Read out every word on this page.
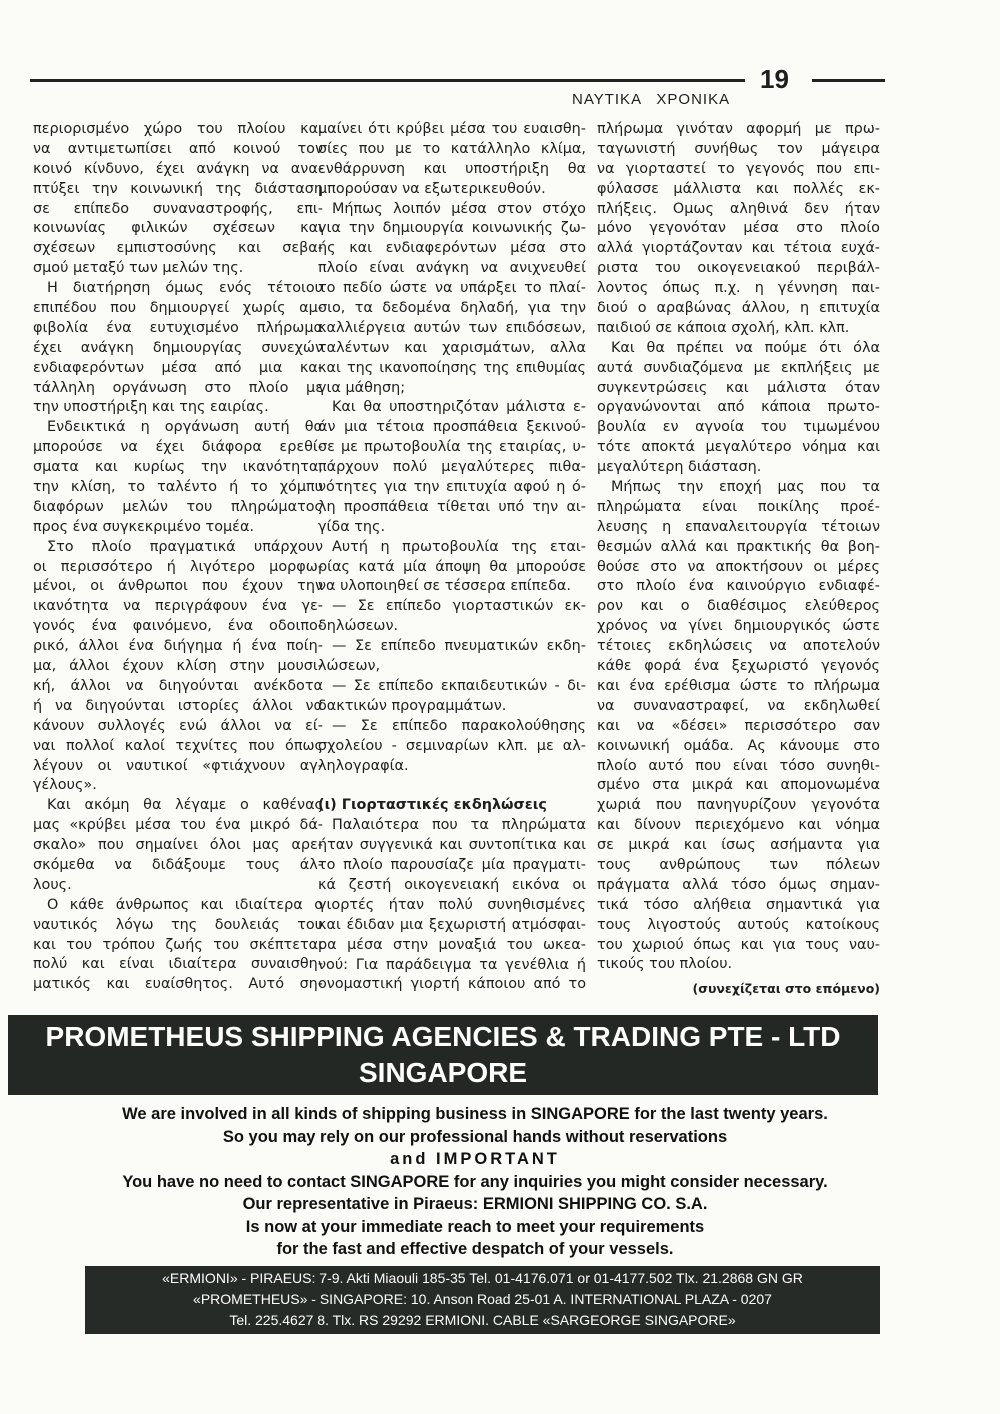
19
ΝΑΥΤΙΚΑ ΧΡΟΝΙΚΑ
περιορισμένο χώρο του πλοίου και
να αντιμετωπίσει από κοινού τον
κοινό κίνδυνο, έχει ανάγκη να ανα-
πτύξει την κοινωνική της διάσταση
σε επίπεδο συναναστροφής, επι-
κοινωνίας φιλικών σχέσεων και
σχέσεων εμπιστοσύνης και σεβα-
σμού μεταξύ των μελών της.
Η διατήρηση όμως ενός τέτοιου
επιπέδου που δημιουργεί χωρίς αμ-
φιβολία ένα ευτυχισμένο πλήρωμα
έχει ανάγκη δημιουργίας συνεχών
ενδιαφερόντων μέσα από μια κα-
τάλληλη οργάνωση στο πλοίο με
την υποστήριξη και της εαιρίας.
Ενδεικτικά η οργάνωση αυτή θα
μπορούσε να έχει διάφορα ερεθί-
σματα και κυρίως την ικανότητα,
την κλίση, το ταλέντο ή το χόμπυ
διαφόρων μελών του πληρώματος
προς ένα συγκεκριμένο τομέα.
Στο πλοίο πραγματικά υπάρχουν
οι περισσότερο ή λιγότερο μορφω-
μένοι, οι άνθρωποι που έχουν την
ικανότητα να περιγράφουν ένα γε-
γονός ένα φαινόμενο, ένα οδοιπο-
ρικό, άλλοι ένα διήγημα ή ένα ποίη-
μα, άλλοι έχουν κλίση στην μουσι-
κή, άλλοι να διηγούνται ανέκδοτα
ή να διηγούνται ιστορίες άλλοι να
κάνουν συλλογές ενώ άλλοι να εί-
ναι πολλοί καλοί τεχνίτες που όπως
λέγουν οι ναυτικοί «φτιάχνουν αγ-
γέλους».
Και ακόμη θα λέγαμε ο καθένας
μας «κρύβει μέσα του ένα μικρό δά-
σκαλο» που σημαίνει όλοι μας αρε-
σκόμεθα να διδάξουμε τους άλ-
λους.
Ο κάθε άνθρωπος και ιδιαίτερα ο
ναυτικός λόγω της δουλειάς του
και του τρόπου ζωής του σκέπτεται
πολύ και είναι ιδιαίτερα συναισθη-
ματικός και ευαίσθητος. Αυτό ση-
μαίνει ότι κρύβει μέσα του ευαισθη-
σίες που με το κατάλληλο κλίμα,
ενθάρρυνση και υποστήριξη θα
μπορούσαν να εξωτερικευθούν.
Μήπως λοιπόν μέσα στον στόχο
για την δημιουργία κοινωνικής ζω-
ής και ενδιαφερόντων μέσα στο
πλοίο είναι ανάγκη να ανιχνευθεί
το πεδίο ώστε να υπάρξει το πλαί-
σιο, τα δεδομένα δηλαδή, για την
καλλιέργεια αυτών των επιδόσεων,
ταλέντων και χαρισμάτων, αλλα
και της ικανοποίησης της επιθυμίας
για μάθηση;
Και θα υποστηριζόταν μάλιστα ε-
άν μια τέτοια προσπάθεια ξεκινού-
σε με πρωτοβουλία της εταιρίας, υ-
πάρχουν πολύ μεγαλύτερες πιθα-
νότητες για την επιτυχία αφού η ό-
λη προσπάθεια τίθεται υπό την αι-
γίδα της.
Αυτή η πρωτοβουλία της εται-
ρίας κατά μία άποψη θα μπορούσε
να υλοποιηθεί σε τέσσερα επίπεδα.
— Σε επίπεδο γιορταστικών εκ-
δηλώσεων.
— Σε επίπεδο πνευματικών εκδη-
λώσεων,
— Σε επίπεδο εκπαιδευτικών - δι-
δακτικών προγραμμάτων.
— Σε επίπεδο παρακολούθησης
σχολείου - σεμιναρίων κλπ. με αλ-
ληλογραφία.
(ι) Γιορταστικές εκδηλώσεις
Παλαιότερα που τα πληρώματα
ήταν συγγενικά και συντοπίτικα και
το πλοίο παρουσίαζε μία πραγματι-
κά ζεστή οικογενειακή εικόνα οι
γιορτές ήταν πολύ συνηθισμένες
και έδιδαν μια ξεχωριστή ατμόσφαι-
ρα μέσα στην μοναξιά του ωκεα-
νού: Για παράδειγμα τα γενέθλια ή
ονομαστική γιορτή κάποιου από το
πλήρωμα γινόταν αφορμή με πρω-
ταγωνιστή συνήθως τον μάγειρα
να γιορταστεί το γεγονός που επι-
φύλασσε μάλλιστα και πολλές εκ-
πλήξεις. Ομως αληθινά δεν ήταν
μόνο γεγονόταν μέσα στο πλοίο
αλλά γιορτάζονταν και τέτοια ευχά-
ριστα του οικογενειακού περιβάλ-
λοντος όπως π.χ. η γέννηση παι-
διού ο αραβώνας άλλου, η επιτυχία
παιδιού σε κάποια σχολή, κλπ. κλπ.
Και θα πρέπει να πούμε ότι όλα
αυτά συνδιαζόμενα με εκπλήξεις με
συγκεντρώσεις και μάλιστα όταν
οργανώνονται από κάποια πρωτο-
βουλία εν αγνοία του τιμωμένου
τότε αποκτά μεγαλύτερο νόημα και
μεγαλύτερη διάσταση.
Μήπως την εποχή μας που τα
πληρώματα είναι ποικίλης προέ-
λευσης η επαναλειτουργία τέτοιων
θεσμών αλλά και πρακτικής θα βοη-
θούσε στο να αποκτήσουν οι μέρες
στο πλοίο ένα καινούργιο ενδιαφέ-
ρον και ο διαθέσιμος ελεύθερος
χρόνος να γίνει δημιουργικός ώστε
τέτοιες εκδηλώσεις να αποτελούν
κάθε φορά ένα ξεχωριστό γεγονός
και ένα ερέθισμα ώστε το πλήρωμα
να συναναστραφεί, να εκδηλωθεί
και να «δέσει» περισσότερο σαν
κοινωνική ομάδα. Ας κάνουμε στο
πλοίο αυτό που είναι τόσο συνηθι-
σμένο στα μικρά και απομονωμένα
χωριά που πανηγυρίζουν γεγονότα
και δίνουν περιεχόμενο και νόημα
σε μικρά και ίσως ασήμαντα για
τους ανθρώπους των πόλεων
πράγματα αλλά τόσο όμως σημαν-
τικά τόσο αλήθεια σημαντικά για
τους λιγοστούς αυτούς κατοίκους
του χωριού όπως και για τους ναυ-
τικούς του πλοίου.
(συνεχίζεται στο επόμενο)
PROMETHEUS SHIPPING AGENCIES & TRADING PTE - LTD
SINGAPORE
We are involved in all kinds of shipping business in SINGAPORE for the last twenty years.
So you may rely on our professional hands without reservations
and IMPORTANT
You have no need to contact SINGAPORE for any inquiries you might consider necessary.
Our representative in Piraeus: ERMIONI SHIPPING CO. S.A.
Is now at your immediate reach to meet your requirements
for the fast and effective despatch of your vessels.
«ERMIONI» - PIRAEUS: 7-9. Akti Miaouli 185-35 Tel. 01-4176.071 or 01-4177.502 Tlx. 21.2868 GN GR
«PROMETHEUS» - SINGAPORE: 10. Anson Road 25-01 A. INTERNATIONAL PLAZA - 0207
Tel. 225.4627 8. Tlx. RS 29292 ERMIONI. CABLE «SARGEORGE SINGAPORE»
